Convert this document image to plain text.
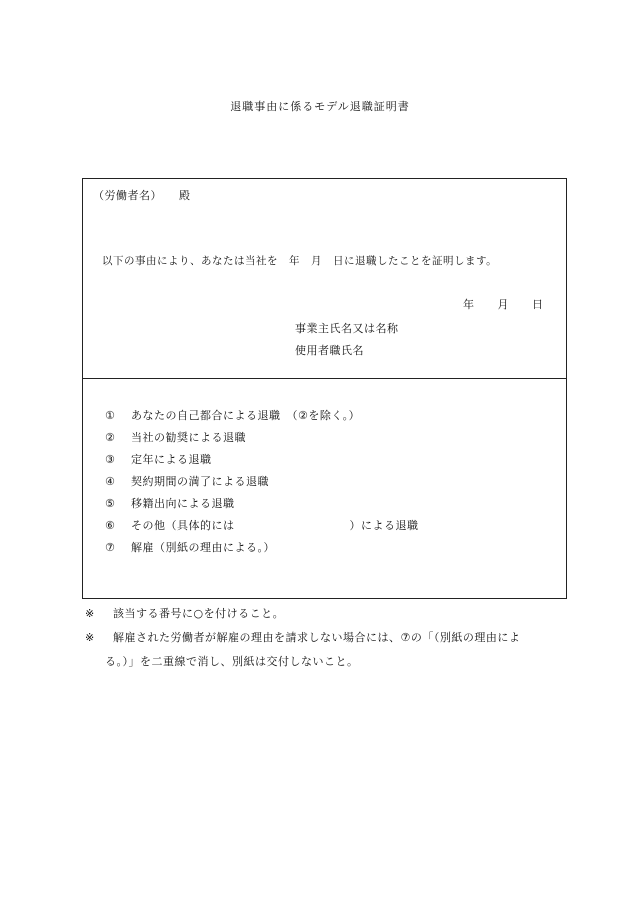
退職事由に係るモデル退職証明書
（労働者名） 殿
以下の事由により、あなたは当社を　年　月　日に退職したことを証明します。
年　　月　　日
事業主氏名又は名称
使用者職氏名
① あなたの自己都合による退職　（②を除く。）
② 当社の勧奨による退職
③ 定年による退職
④ 契約期間の満了による退職
⑤ 移籍出向による退職
⑥ その他（具体的には　　　　　　　　　　）による退職
⑦ 解雇（別紙の理由による。）
※ 該当する番号に○を付けること。
※ 解雇された労働者が解雇の理由を請求しない場合には、⑦の「（別紙の理由によ
る。）」を二重線で消し、別紙は交付しないこと。
